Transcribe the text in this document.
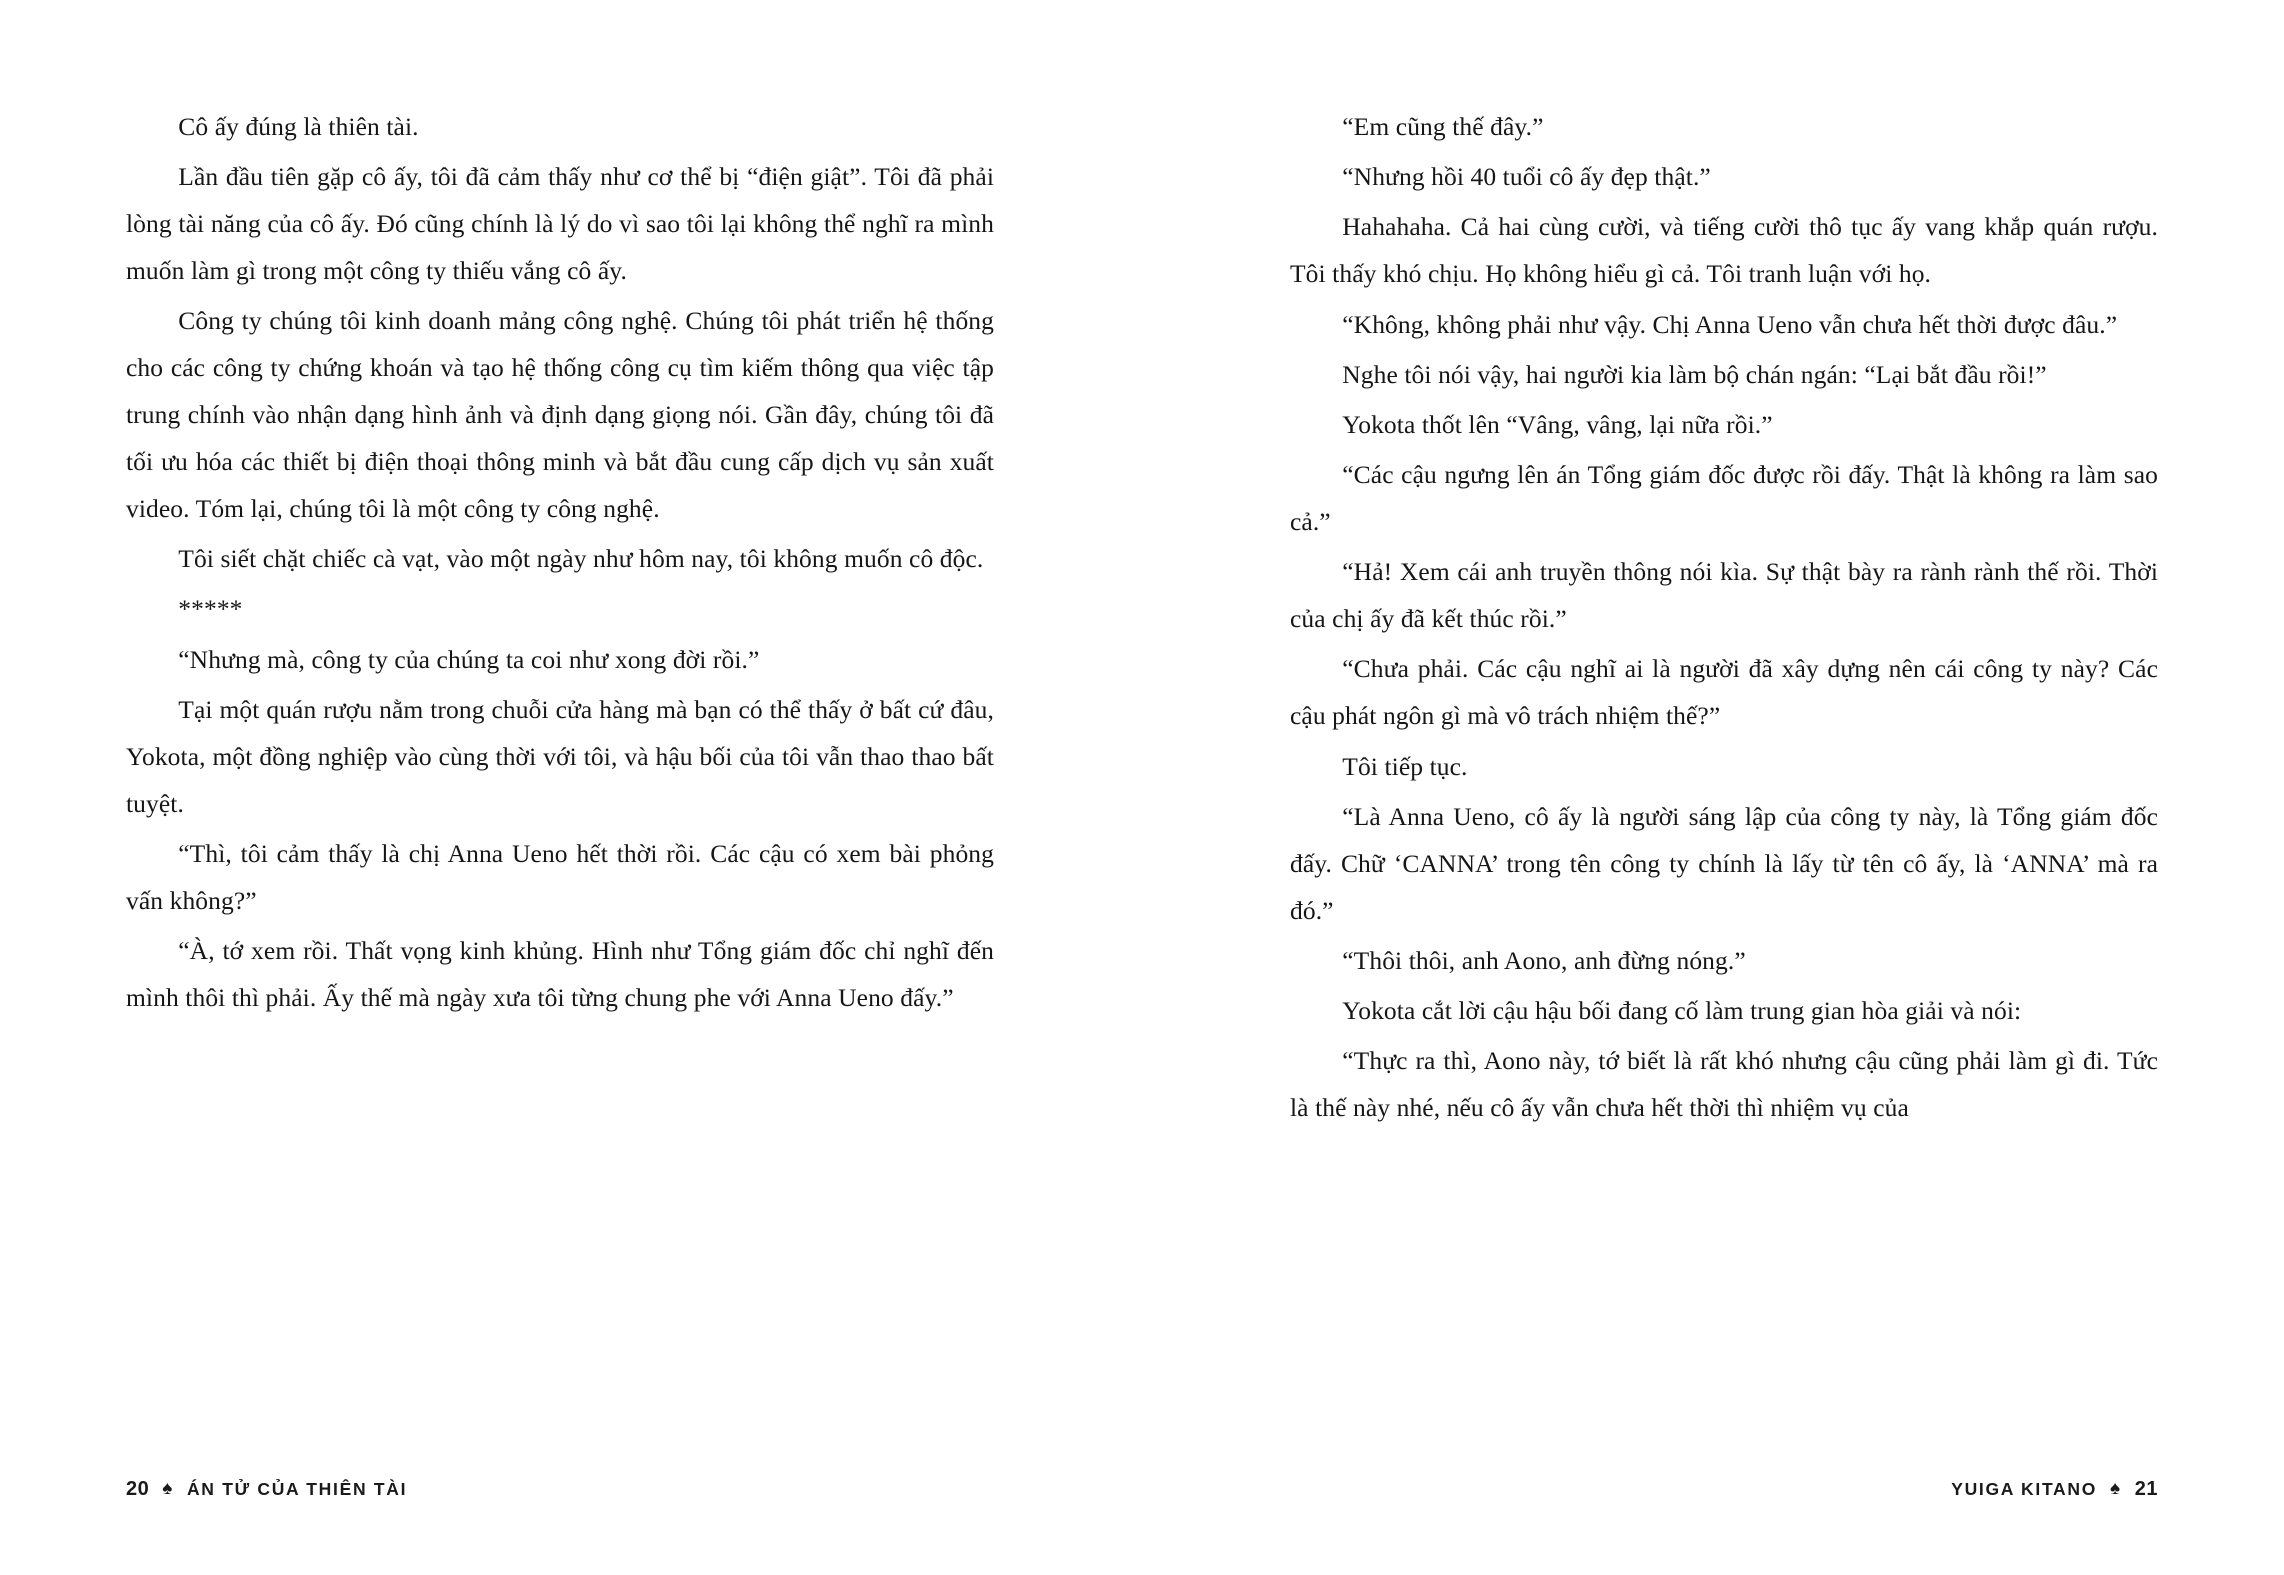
Cô ấy đúng là thiên tài.

Lần đầu tiên gặp cô ấy, tôi đã cảm thấy như cơ thể bị “điện giật”. Tôi đã phải lòng tài năng của cô ấy. Đó cũng chính là lý do vì sao tôi lại không thể nghĩ ra mình muốn làm gì trong một công ty thiếu vắng cô ấy.

Công ty chúng tôi kinh doanh mảng công nghệ. Chúng tôi phát triển hệ thống cho các công ty chứng khoán và tạo hệ thống công cụ tìm kiếm thông qua việc tập trung chính vào nhận dạng hình ảnh và định dạng giọng nói. Gần đây, chúng tôi đã tối ưu hóa các thiết bị điện thoại thông minh và bắt đầu cung cấp dịch vụ sản xuất video. Tóm lại, chúng tôi là một công ty công nghệ.

Tôi siết chặt chiếc cà vạt, vào một ngày như hôm nay, tôi không muốn cô độc.

*****

“Nhưng mà, công ty của chúng ta coi như xong đời rồi.”

Tại một quán rượu nằm trong chuỗi cửa hàng mà bạn có thể thấy ở bất cứ đâu, Yokota, một đồng nghiệp vào cùng thời với tôi, và hậu bối của tôi vẫn thao thao bất tuyệt.

“Thì, tôi cảm thấy là chị Anna Ueno hết thời rồi. Các cậu có xem bài phỏng vấn không?”

“À, tớ xem rồi. Thất vọng kinh khủng. Hình như Tổng giám đốc chỉ nghĩ đến mình thôi thì phải. Ấy thế mà ngày xưa tôi từng chung phe với Anna Ueno đấy.”

20 ♠ ÁN TỬ CỦA THIÊN TÀI

“Em cũng thế đây.”

“Nhưng hồi 40 tuổi cô ấy đẹp thật.”

Hahahaha. Cả hai cùng cười, và tiếng cười thô tục ấy vang khắp quán rượu. Tôi thấy khó chịu. Họ không hiểu gì cả. Tôi tranh luận với họ.

“Không, không phải như vậy. Chị Anna Ueno vẫn chưa hết thời được đâu.”

Nghe tôi nói vậy, hai người kia làm bộ chán ngán: “Lại bắt đầu rồi!”

Yokota thốt lên “Vâng, vâng, lại nữa rồi.”

“Các cậu ngưng lên án Tổng giám đốc được rồi đấy. Thật là không ra làm sao cả.”

“Hả! Xem cái anh truyền thông nói kìa. Sự thật bày ra rành rành thế rồi. Thời của chị ấy đã kết thúc rồi.”

“Chưa phải. Các cậu nghĩ ai là người đã xây dựng nên cái công ty này? Các cậu phát ngôn gì mà vô trách nhiệm thế?”

Tôi tiếp tục.

“Là Anna Ueno, cô ấy là người sáng lập của công ty này, là Tổng giám đốc đấy. Chữ ‘CANNA’ trong tên công ty chính là lấy từ tên cô ấy, là ‘ANNA’ mà ra đó.”

“Thôi thôi, anh Aono, anh đừng nóng.”

Yokota cắt lời cậu hậu bối đang cố làm trung gian hòa giải và nói:

“Thực ra thì, Aono này, tớ biết là rất khó nhưng cậu cũng phải làm gì đi. Tức là thế này nhé, nếu cô ấy vẫn chưa hết thời thì nhiệm vụ của

YUIGA KITANO ♠ 21
